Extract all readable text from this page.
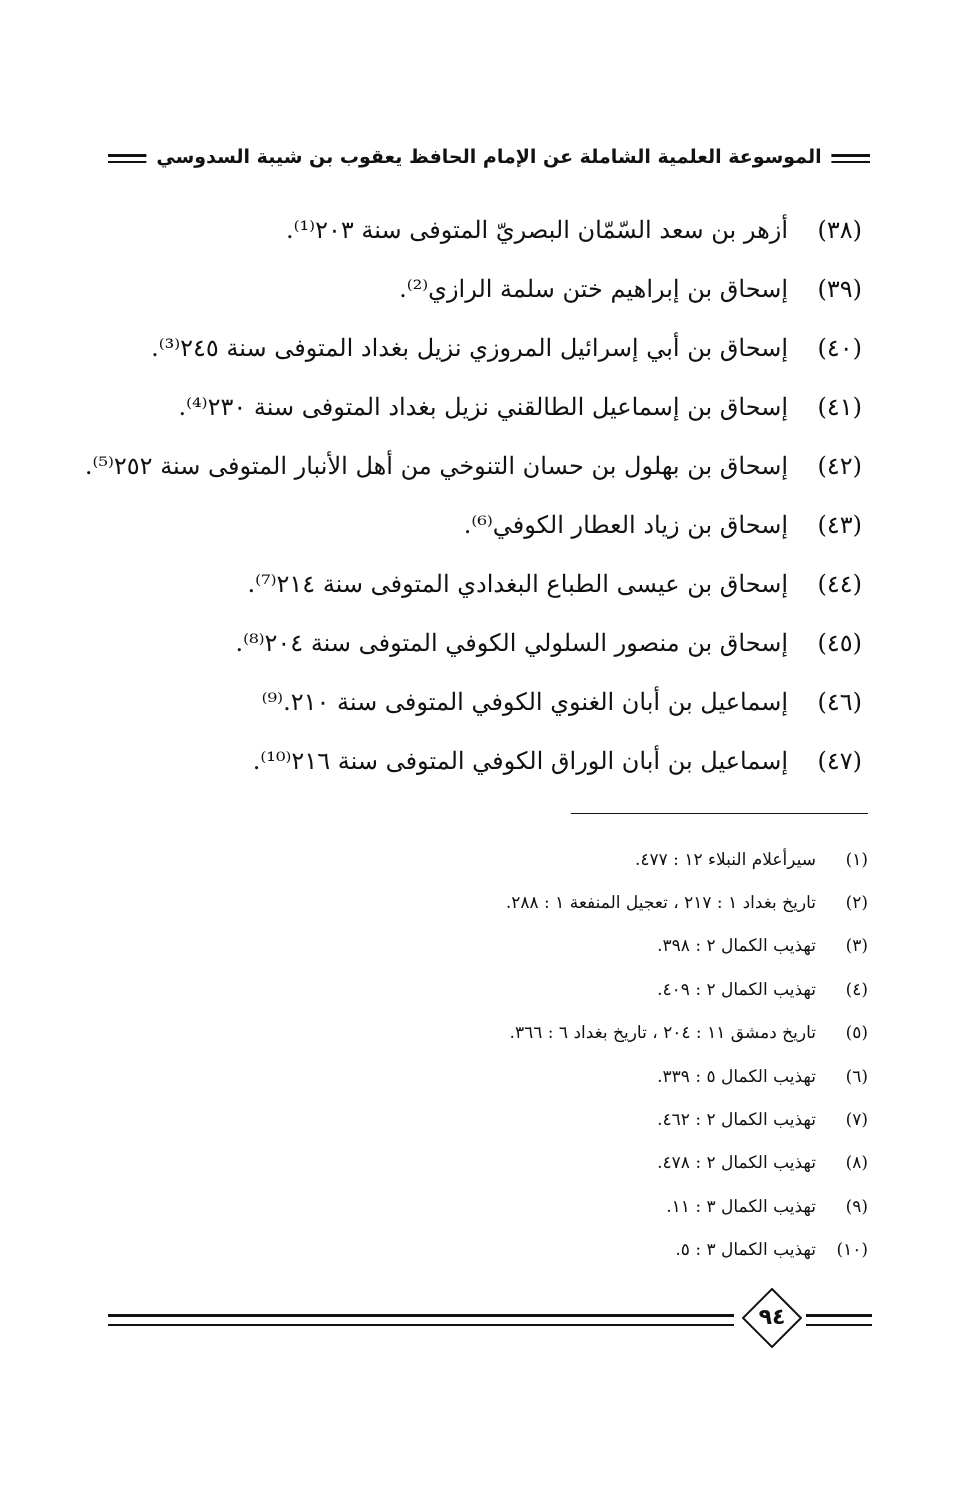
الموسوعة العلمية الشاملة عن الإمام الحافظ يعقوب بن شيبة السدوسي
(٣٨)
أزهر بن سعد السّمّان البصريّ المتوفى سنة ٢٠٣⁽¹⁾.
(٣٩)
إسحاق بن إبراهيم ختن سلمة الرازي⁽²⁾.
(٤٠)
إسحاق بن أبي إسرائيل المروزي نزيل بغداد المتوفى سنة ٢٤٥⁽³⁾.
(٤١)
إسحاق بن إسماعيل الطالقني نزيل بغداد المتوفى سنة ٢٣٠⁽⁴⁾.
(٤٢)
إسحاق بن بهلول بن حسان التنوخي من أهل الأنبار المتوفى سنة ٢٥٢⁽⁵⁾.
(٤٣)
إسحاق بن زياد العطار الكوفي⁽⁶⁾.
(٤٤)
إسحاق بن عيسى الطباع البغدادي المتوفى سنة ٢١٤⁽⁷⁾.
(٤٥)
إسحاق بن منصور السلولي الكوفي المتوفى سنة ٢٠٤⁽⁸⁾.
(٤٦)
إسماعيل بن أبان الغنوي الكوفي المتوفى سنة ٢١٠.⁽⁹⁾
(٤٧)
إسماعيل بن أبان الوراق الكوفي المتوفى سنة ٢١٦⁽¹⁰⁾.
(١)
سيرأعلام النبلاء ١٢ : ٤٧٧.
(٢)
تاريخ بغداد ١ : ٢١٧ ، تعجيل المنفعة ١ : ٢٨٨.
(٣)
تهذيب الكمال ٢ : ٣٩٨.
(٤)
تهذيب الكمال ٢ : ٤٠٩.
(٥)
تاريخ دمشق ١١ : ٢٠٤ ، تاريخ بغداد ٦ : ٣٦٦.
(٦)
تهذيب الكمال ٥ : ٣٣٩.
(٧)
تهذيب الكمال ٢ : ٤٦٢.
(٨)
تهذيب الكمال ٢ : ٤٧٨.
(٩)
تهذيب الكمال ٣ : ١١.
(١٠)
تهذيب الكمال ٣ : ٥.
٩٤
